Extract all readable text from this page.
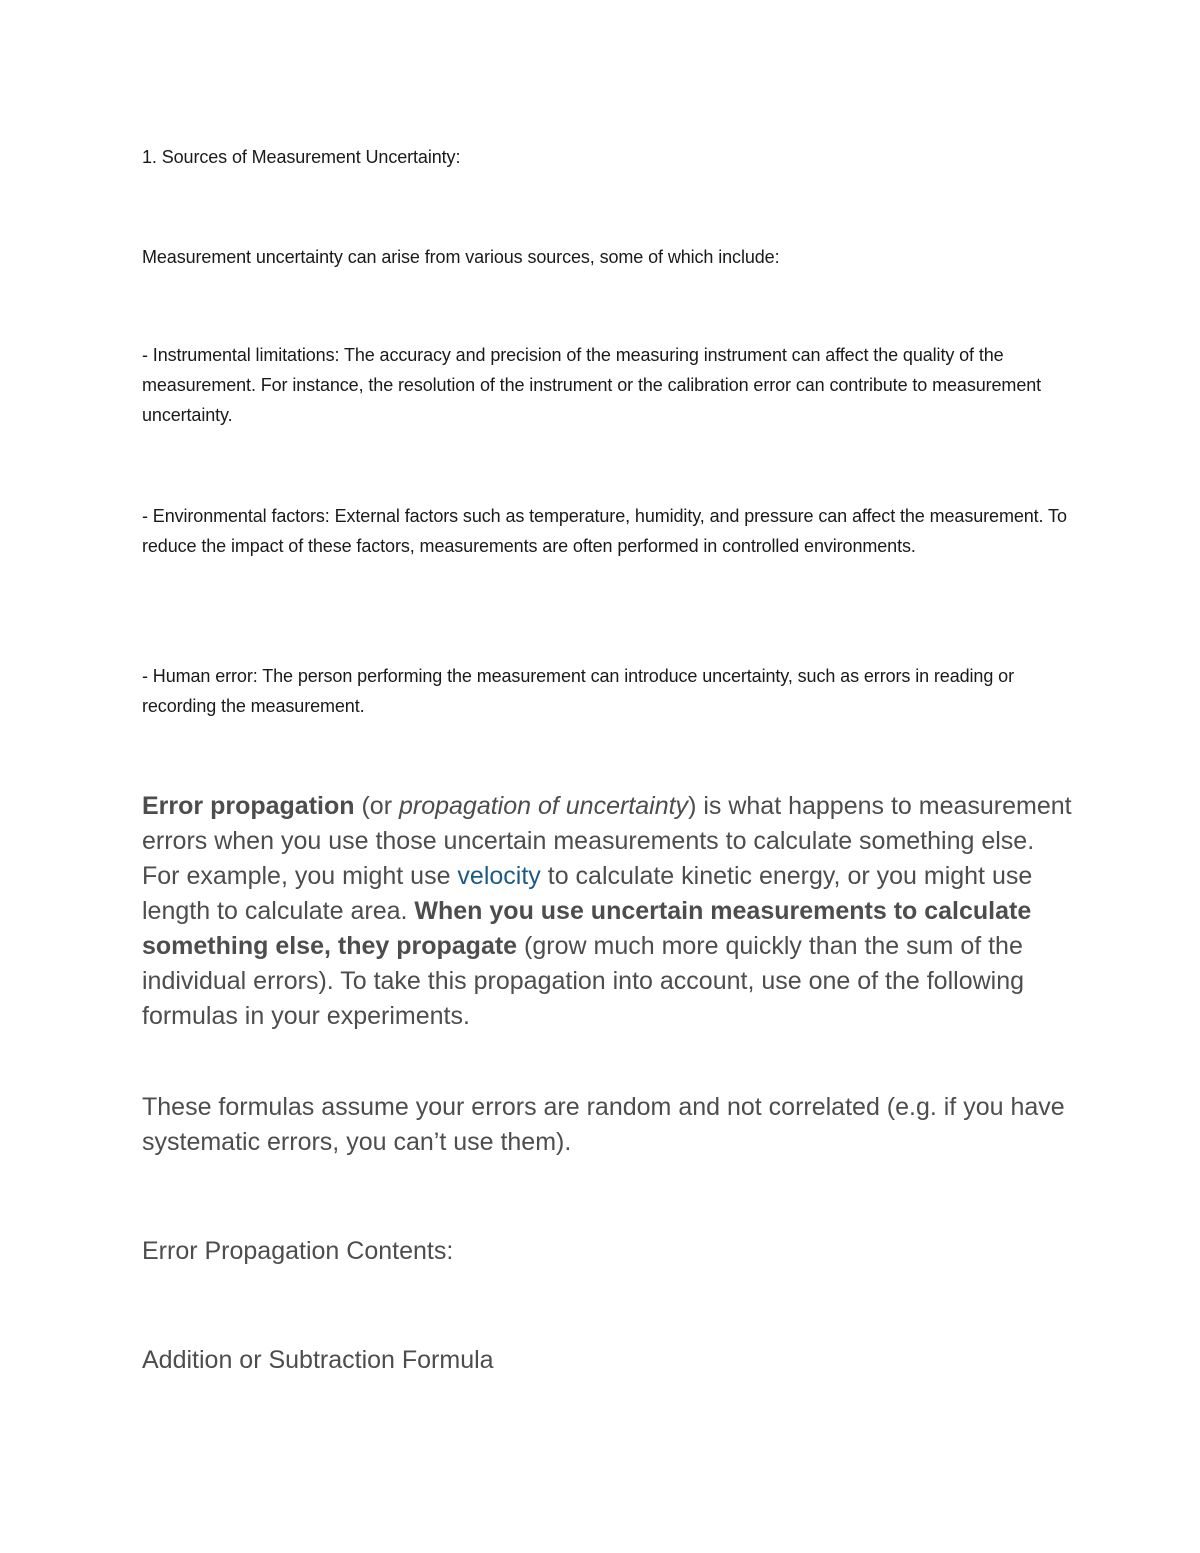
1. Sources of Measurement Uncertainty:

Measurement uncertainty can arise from various sources, some of which include:

- Instrumental limitations: The accuracy and precision of the measuring instrument can affect the quality of the measurement. For instance, the resolution of the instrument or the calibration error can contribute to measurement uncertainty.

- Environmental factors: External factors such as temperature, humidity, and pressure can affect the measurement. To reduce the impact of these factors, measurements are often performed in controlled environments.

- Human error: The person performing the measurement can introduce uncertainty, such as errors in reading or recording the measurement.

Error propagation (or propagation of uncertainty) is what happens to measurement errors when you use those uncertain measurements to calculate something else. For example, you might use velocity to calculate kinetic energy, or you might use length to calculate area. When you use uncertain measurements to calculate something else, they propagate (grow much more quickly than the sum of the individual errors). To take this propagation into account, use one of the following formulas in your experiments.

These formulas assume your errors are random and not correlated (e.g. if you have systematic errors, you can’t use them).

Error Propagation Contents:

Addition or Subtraction Formula
